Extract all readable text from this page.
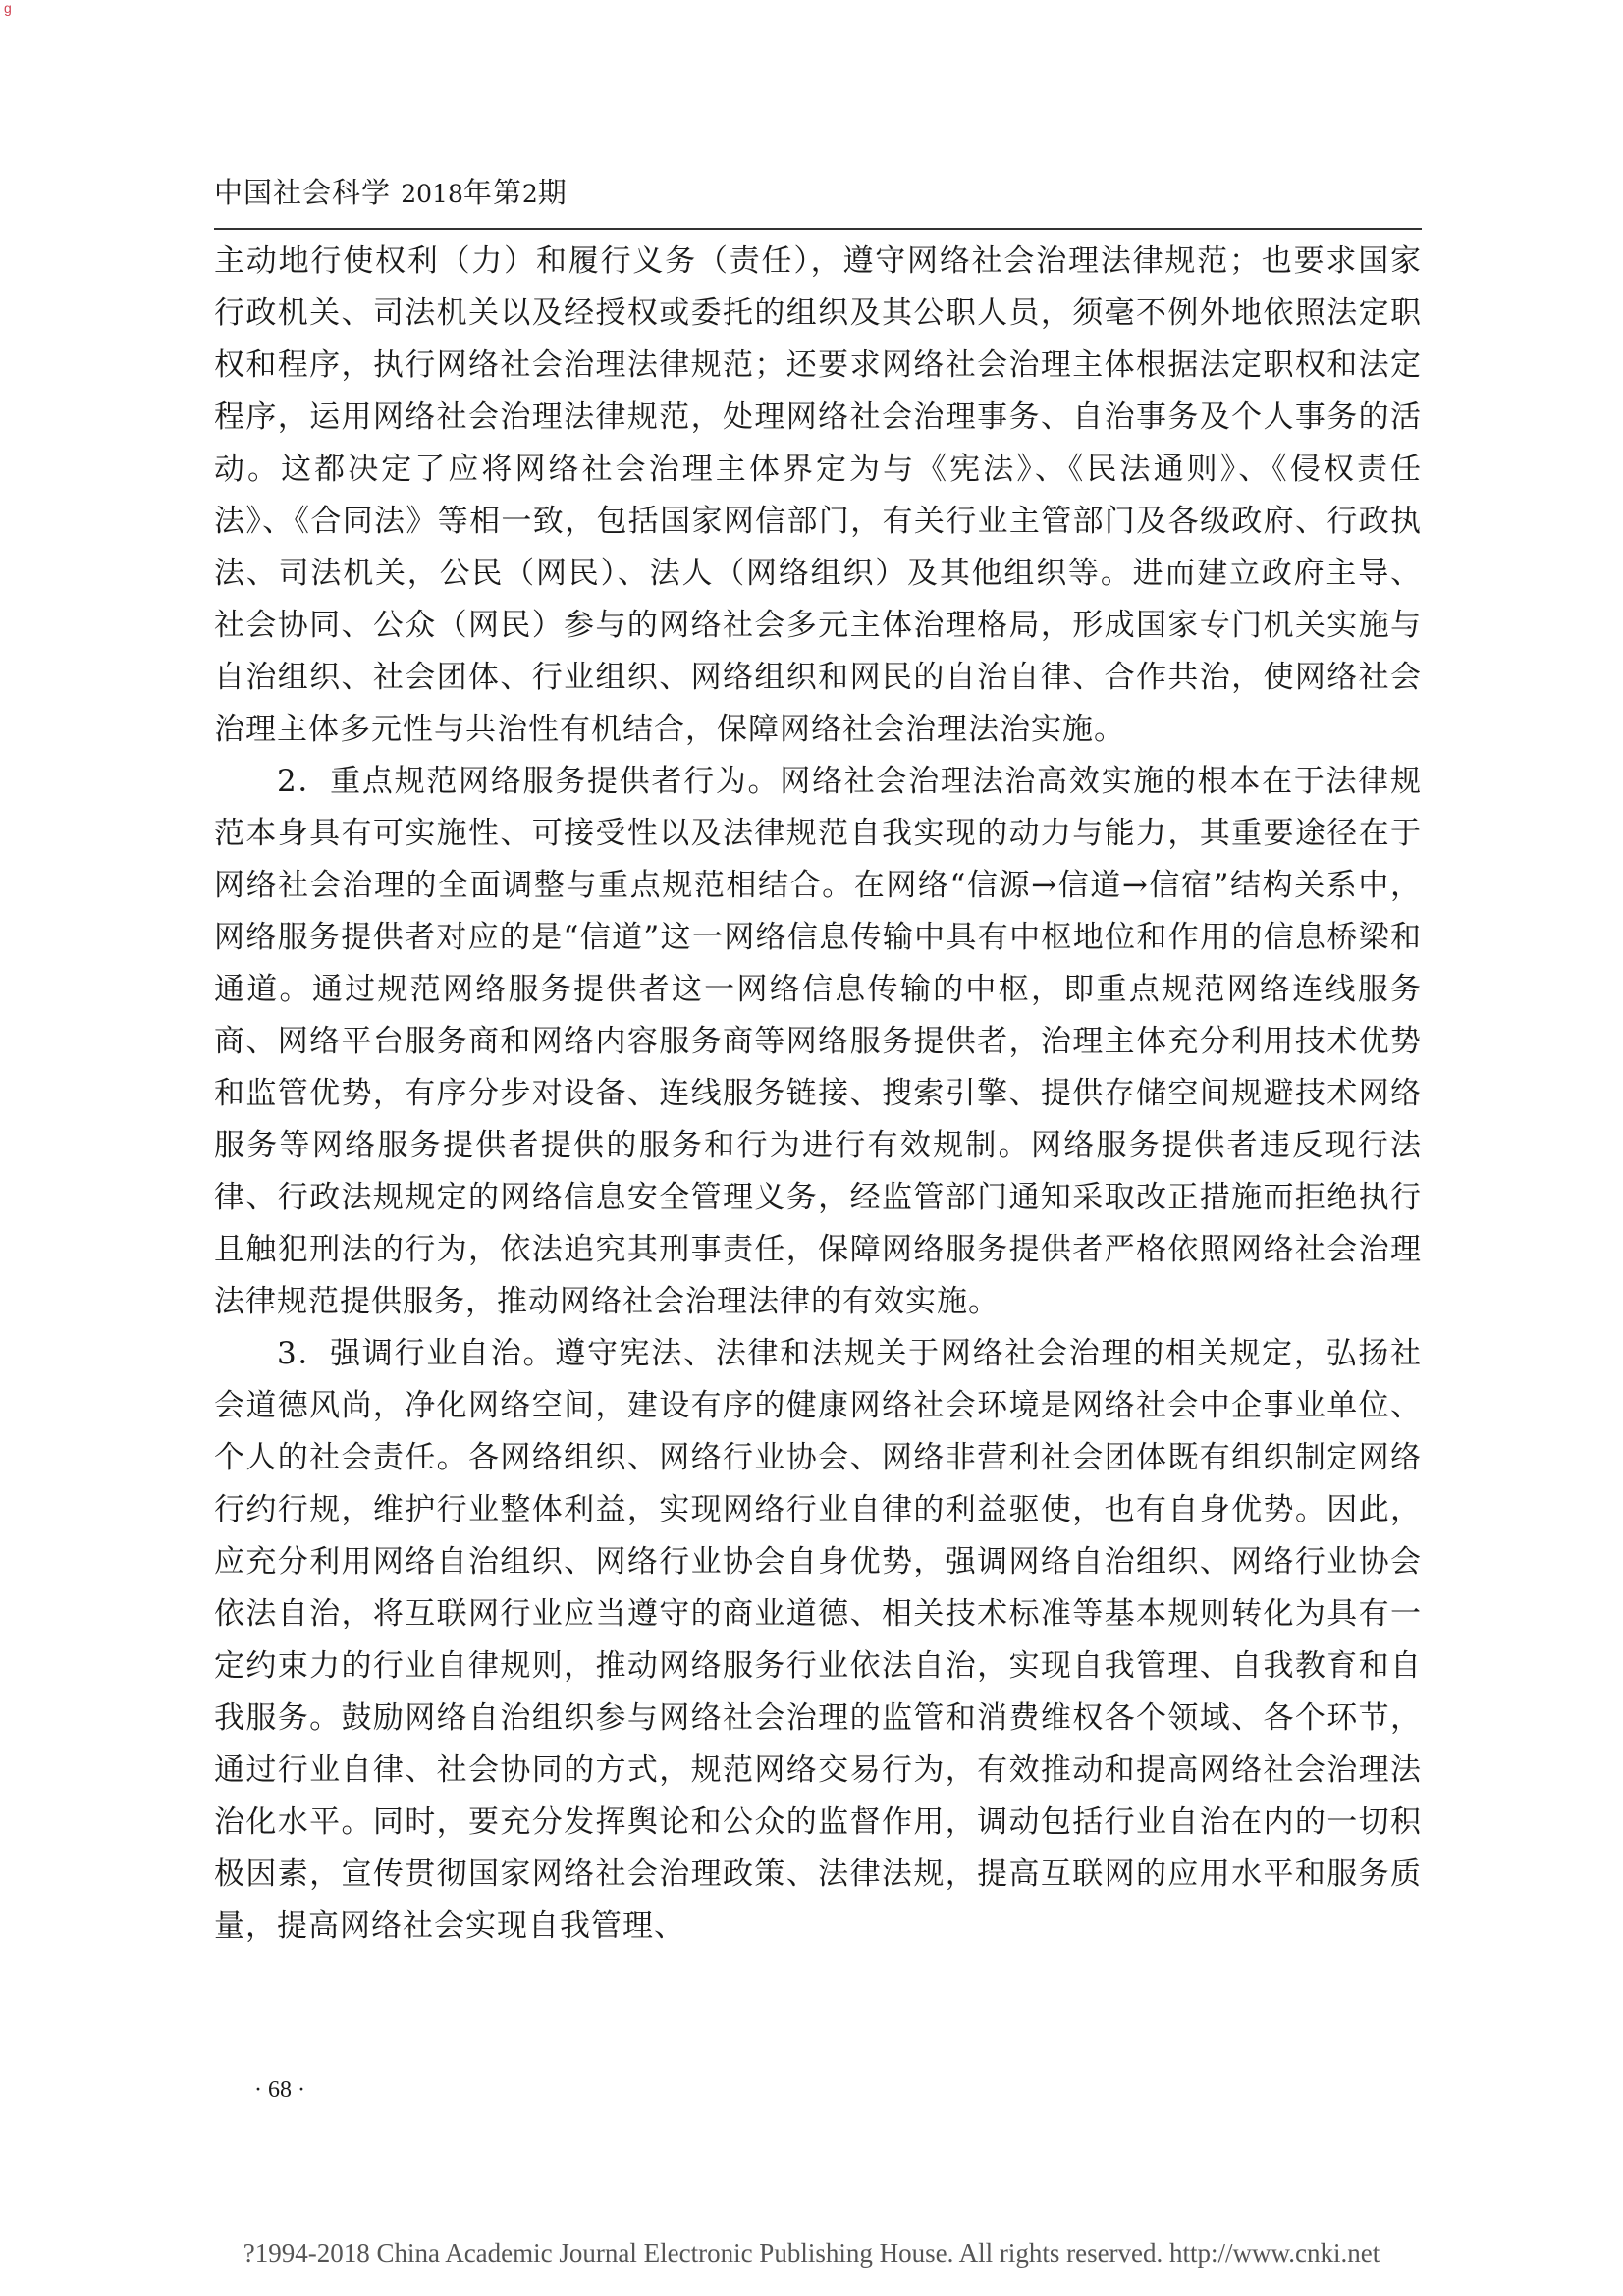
g
中国社会科学 2018年第2期

主动地行使权利（力）和履行义务（责任），遵守网络社会治理法律规范；也要求国家行政机关、司法机关以及经授权或委托的组织及其公职人员，须毫不例外地依照法定职权和程序，执行网络社会治理法律规范；还要求网络社会治理主体根据法定职权和法定程序，运用网络社会治理法律规范，处理网络社会治理事务、自治事务及个人事务的活动。这都决定了应将网络社会治理主体界定为与《宪法》、《民法通则》、《侵权责任法》、《合同法》等相一致，包括国家网信部门，有关行业主管部门及各级政府、行政执法、司法机关，公民（网民）、法人（网络组织）及其他组织等。进而建立政府主导、社会协同、公众（网民）参与的网络社会多元主体治理格局，形成国家专门机关实施与自治组织、社会团体、行业组织、网络组织和网民的自治自律、合作共治，使网络社会治理主体多元性与共治性有机结合，保障网络社会治理法治实施。

2．重点规范网络服务提供者行为。网络社会治理法治高效实施的根本在于法律规范本身具有可实施性、可接受性以及法律规范自我实现的动力与能力，其重要途径在于网络社会治理的全面调整与重点规范相结合。在网络“信源→信道→信宿”结构关系中，网络服务提供者对应的是“信道”这一网络信息传输中具有中枢地位和作用的信息桥梁和通道。通过规范网络服务提供者这一网络信息传输的中枢，即重点规范网络连线服务商、网络平台服务商和网络内容服务商等网络服务提供者，治理主体充分利用技术优势和监管优势，有序分步对设备、连线服务链接、搜索引擎、提供存储空间规避技术网络服务等网络服务提供者提供的服务和行为进行有效规制。网络服务提供者违反现行法律、行政法规规定的网络信息安全管理义务，经监管部门通知采取改正措施而拒绝执行且触犯刑法的行为，依法追究其刑事责任，保障网络服务提供者严格依照网络社会治理法律规范提供服务，推动网络社会治理法律的有效实施。

3．强调行业自治。遵守宪法、法律和法规关于网络社会治理的相关规定，弘扬社会道德风尚，净化网络空间，建设有序的健康网络社会环境是网络社会中企事业单位、个人的社会责任。各网络组织、网络行业协会、网络非营利社会团体既有组织制定网络行约行规，维护行业整体利益，实现网络行业自律的利益驱使，也有自身优势。因此，应充分利用网络自治组织、网络行业协会自身优势，强调网络自治组织、网络行业协会依法自治，将互联网行业应当遵守的商业道德、相关技术标准等基本规则转化为具有一定约束力的行业自律规则，推动网络服务行业依法自治，实现自我管理、自我教育和自我服务。鼓励网络自治组织参与网络社会治理的监管和消费维权各个领域、各个环节，通过行业自律、社会协同的方式，规范网络交易行为，有效推动和提高网络社会治理法治化水平。同时，要充分发挥舆论和公众的监督作用，调动包括行业自治在内的一切积极因素，宣传贯彻国家网络社会治理政策、法律法规，提高互联网的应用水平和服务质量，提高网络社会实现自我管理、

· 68 ·
?1994-2018 China Academic Journal Electronic Publishing House. All rights reserved. http://www.cnki.net
